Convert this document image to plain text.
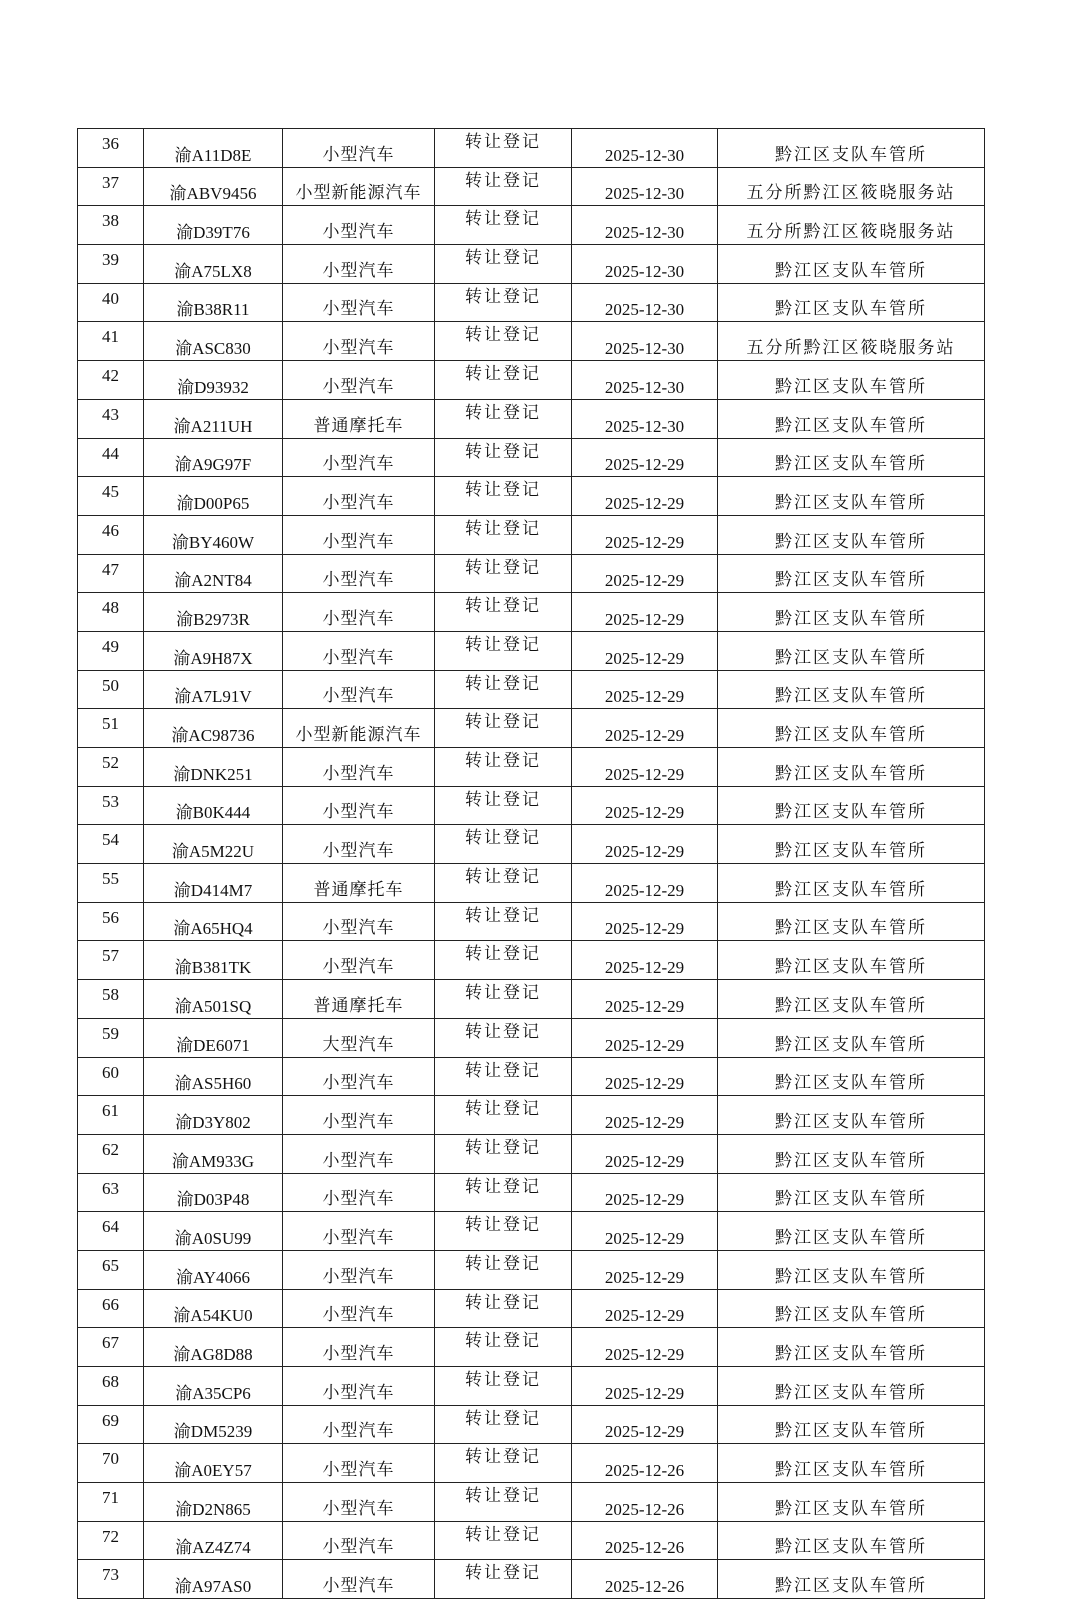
36	渝A11D8E	小型汽车	转让登记	2025-12-30	黔江区支队车管所
37	渝ABV9456	小型新能源汽车	转让登记	2025-12-30	五分所黔江区筱晓服务站
38	渝D39T76	小型汽车	转让登记	2025-12-30	五分所黔江区筱晓服务站
39	渝A75LX8	小型汽车	转让登记	2025-12-30	黔江区支队车管所
40	渝B38R11	小型汽车	转让登记	2025-12-30	黔江区支队车管所
41	渝ASC830	小型汽车	转让登记	2025-12-30	五分所黔江区筱晓服务站
42	渝D93932	小型汽车	转让登记	2025-12-30	黔江区支队车管所
43	渝A211UH	普通摩托车	转让登记	2025-12-30	黔江区支队车管所
44	渝A9G97F	小型汽车	转让登记	2025-12-29	黔江区支队车管所
45	渝D00P65	小型汽车	转让登记	2025-12-29	黔江区支队车管所
46	渝BY460W	小型汽车	转让登记	2025-12-29	黔江区支队车管所
47	渝A2NT84	小型汽车	转让登记	2025-12-29	黔江区支队车管所
48	渝B2973R	小型汽车	转让登记	2025-12-29	黔江区支队车管所
49	渝A9H87X	小型汽车	转让登记	2025-12-29	黔江区支队车管所
50	渝A7L91V	小型汽车	转让登记	2025-12-29	黔江区支队车管所
51	渝AC98736	小型新能源汽车	转让登记	2025-12-29	黔江区支队车管所
52	渝DNK251	小型汽车	转让登记	2025-12-29	黔江区支队车管所
53	渝B0K444	小型汽车	转让登记	2025-12-29	黔江区支队车管所
54	渝A5M22U	小型汽车	转让登记	2025-12-29	黔江区支队车管所
55	渝D414M7	普通摩托车	转让登记	2025-12-29	黔江区支队车管所
56	渝A65HQ4	小型汽车	转让登记	2025-12-29	黔江区支队车管所
57	渝B381TK	小型汽车	转让登记	2025-12-29	黔江区支队车管所
58	渝A501SQ	普通摩托车	转让登记	2025-12-29	黔江区支队车管所
59	渝DE6071	大型汽车	转让登记	2025-12-29	黔江区支队车管所
60	渝AS5H60	小型汽车	转让登记	2025-12-29	黔江区支队车管所
61	渝D3Y802	小型汽车	转让登记	2025-12-29	黔江区支队车管所
62	渝AM933G	小型汽车	转让登记	2025-12-29	黔江区支队车管所
63	渝D03P48	小型汽车	转让登记	2025-12-29	黔江区支队车管所
64	渝A0SU99	小型汽车	转让登记	2025-12-29	黔江区支队车管所
65	渝AY4066	小型汽车	转让登记	2025-12-29	黔江区支队车管所
66	渝A54KU0	小型汽车	转让登记	2025-12-29	黔江区支队车管所
67	渝AG8D88	小型汽车	转让登记	2025-12-29	黔江区支队车管所
68	渝A35CP6	小型汽车	转让登记	2025-12-29	黔江区支队车管所
69	渝DM5239	小型汽车	转让登记	2025-12-29	黔江区支队车管所
70	渝A0EY57	小型汽车	转让登记	2025-12-26	黔江区支队车管所
71	渝D2N865	小型汽车	转让登记	2025-12-26	黔江区支队车管所
72	渝AZ4Z74	小型汽车	转让登记	2025-12-26	黔江区支队车管所
73	渝A97AS0	小型汽车	转让登记	2025-12-26	黔江区支队车管所
